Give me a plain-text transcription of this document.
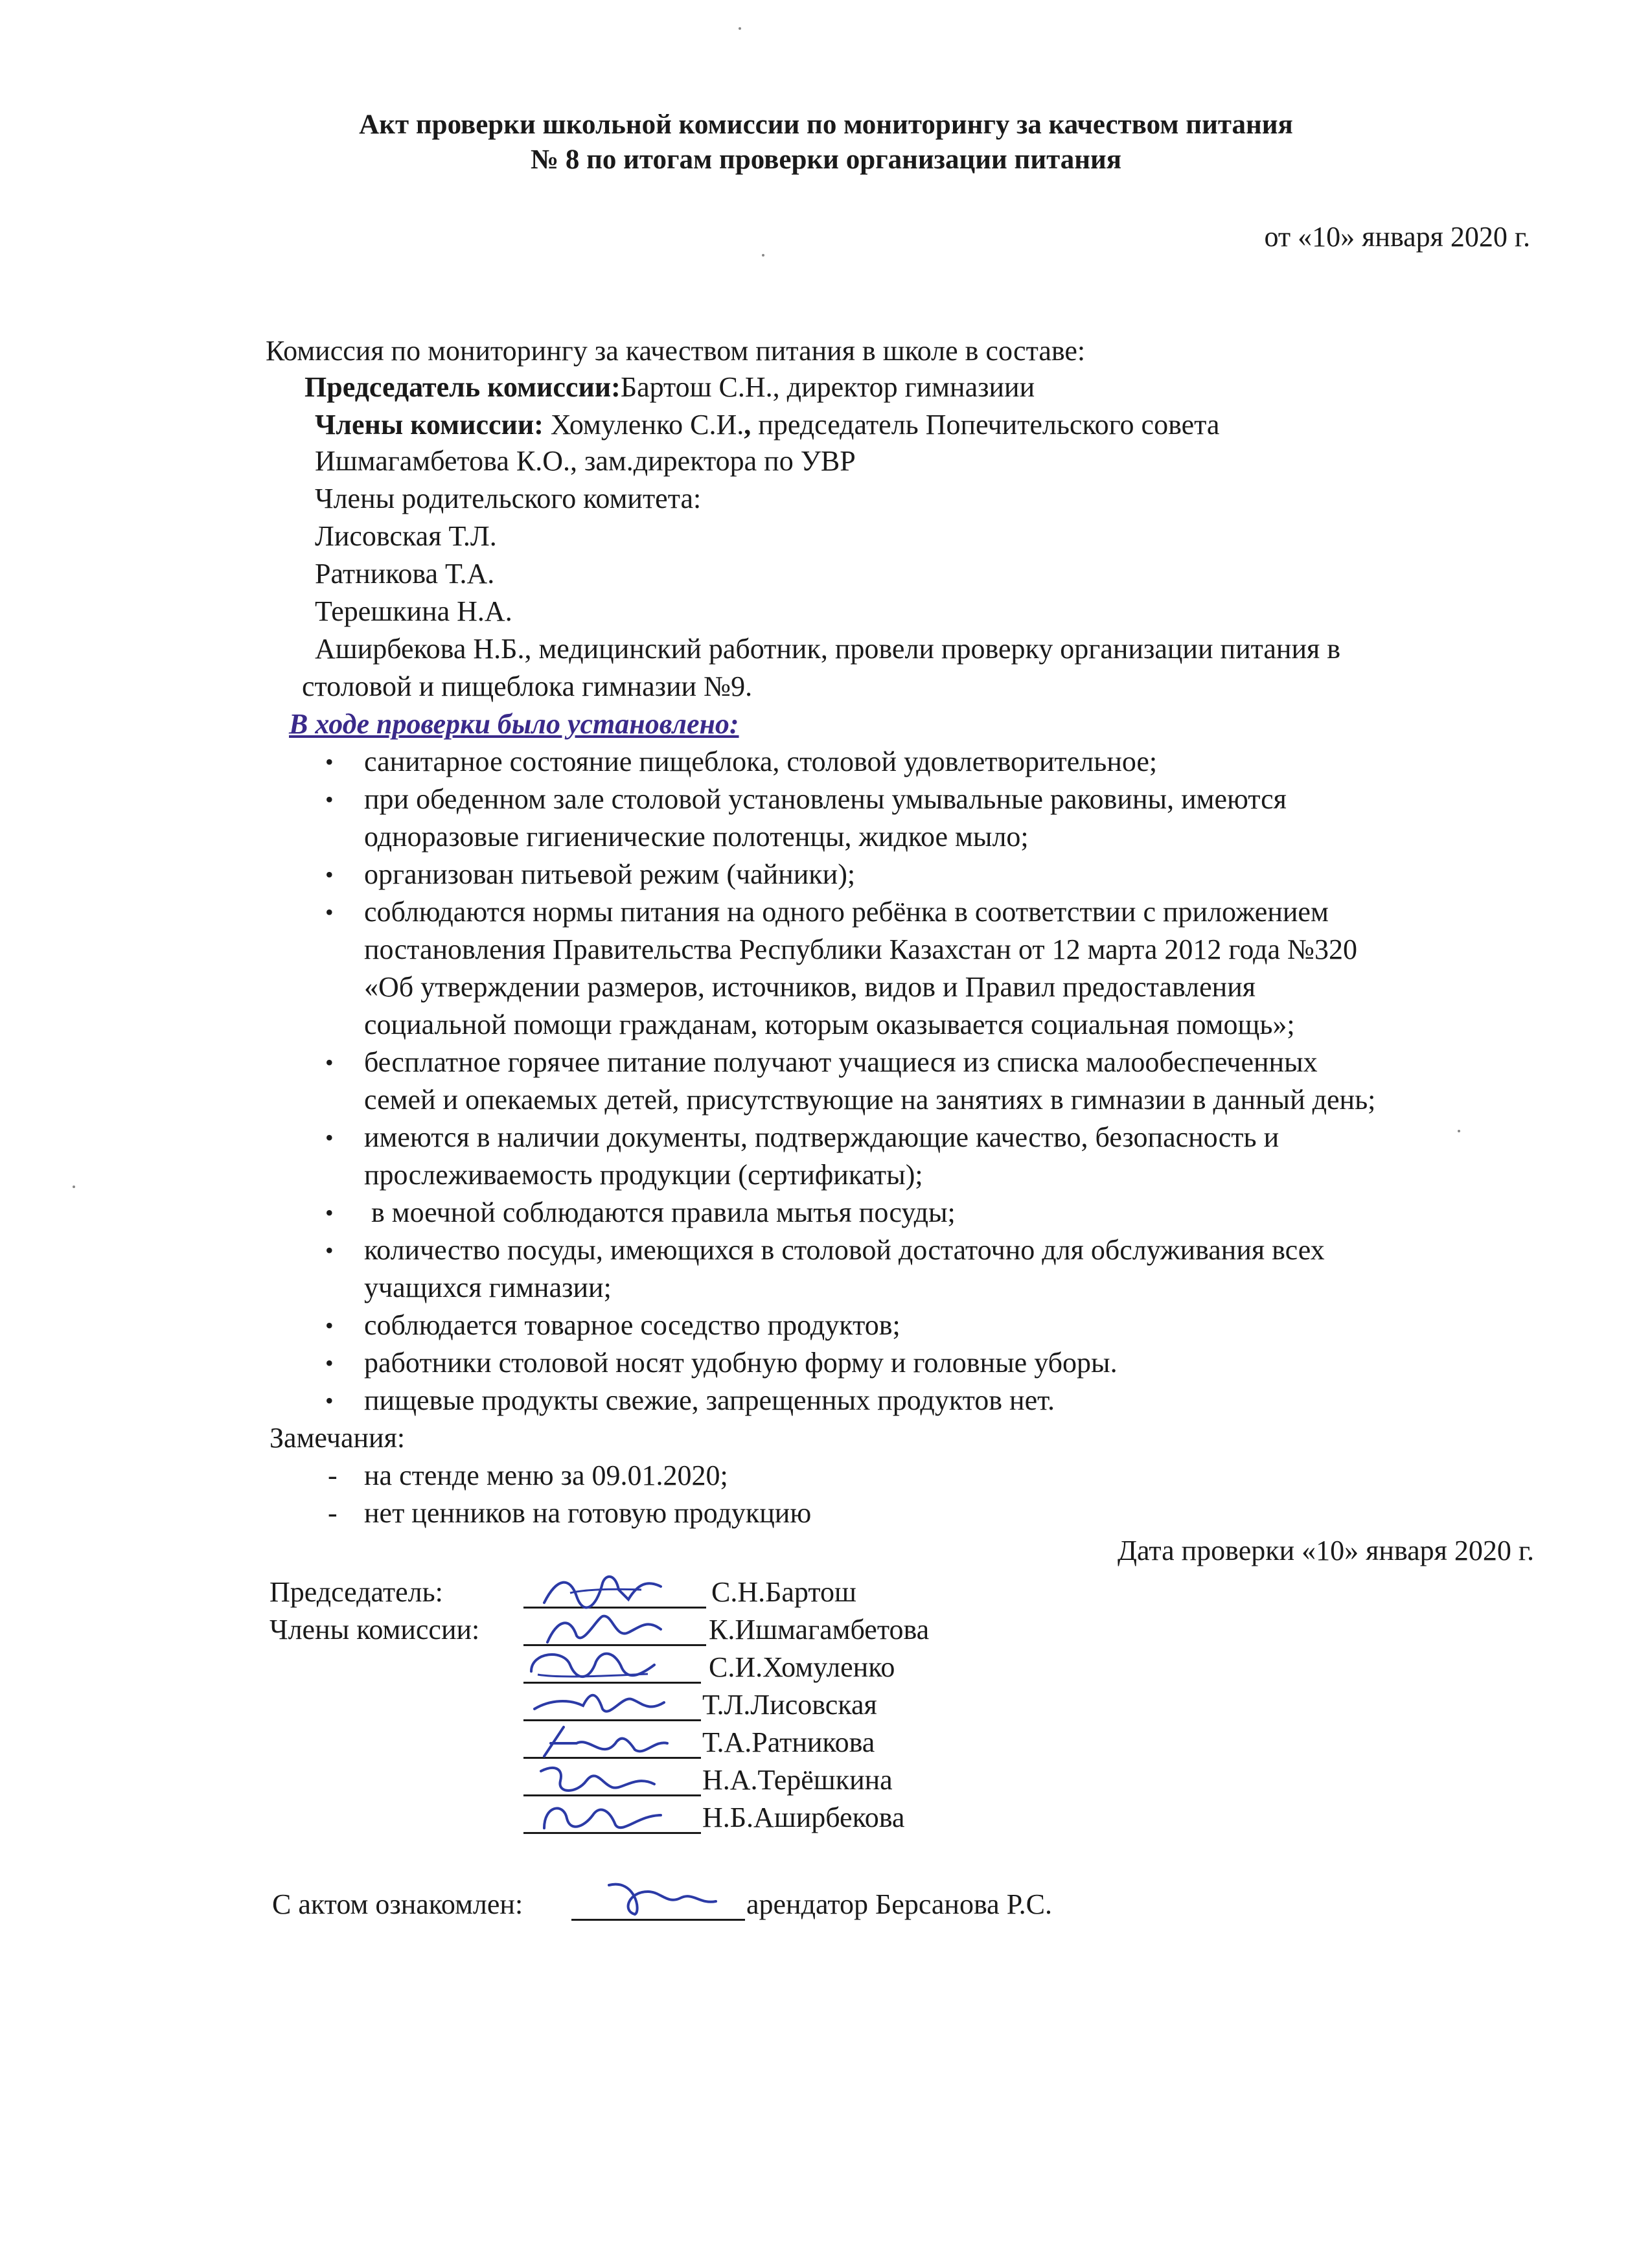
Акт проверки школьной комиссии по мониторингу за качеством питания
№ 8 по итогам проверки организации питания
от «10» января 2020 г.
Комиссия по мониторингу за качеством питания в школе в составе:
Председатель комиссии:Бартош С.Н., директор гимназиии
Члены комиссии: Хомуленко С.И., председатель Попечительского совета
Ишмагамбетова К.О., зам.директора по УВР
Члены родительского комитета:
Лисовская Т.Л.
Ратникова Т.А.
Терешкина Н.А.
Аширбекова Н.Б., медицинский работник, провели проверку организации питания в
столовой и пищеблока гимназии №9.
В ходе проверки было установлено:
• санитарное состояние пищеблока, столовой удовлетворительное;
• при обеденном зале столовой установлены умывальные раковины, имеются
одноразовые гигиенические полотенцы, жидкое мыло;
• организован питьевой режим (чайники);
• соблюдаются нормы питания на одного ребёнка в соответствии с приложением
постановления Правительства Республики Казахстан от 12 марта 2012 года №320
«Об утверждении размеров, источников, видов и Правил предоставления
социальной помощи гражданам, которым оказывается социальная помощь»;
• бесплатное горячее питание получают учащиеся из списка малообеспеченных
семей и опекаемых детей, присутствующие на занятиях в гимназии в данный день;
• имеются в наличии документы, подтверждающие качество, безопасность и
прослеживаемость продукции (сертификаты);
• в моечной соблюдаются правила мытья посуды;
• количество посуды, имеющихся в столовой достаточно для обслуживания всех
учащихся гимназии;
• соблюдается товарное соседство продуктов;
• работники столовой носят удобную форму и головные уборы.
• пищевые продукты свежие, запрещенных продуктов нет.
Замечания:
- на стенде меню за 09.01.2020;
- нет ценников на готовую продукцию
Дата проверки «10» января 2020 г.
Председатель:
Члены комиссии:
С.Н.Бартош
К.Ишмагамбетова
С.И.Хомуленко
Т.Л.Лисовская
Т.А.Ратникова
Н.А.Терёшкина
Н.Б.Аширбекова
С актом ознакомлен:	арендатор Берсанова Р.С.
